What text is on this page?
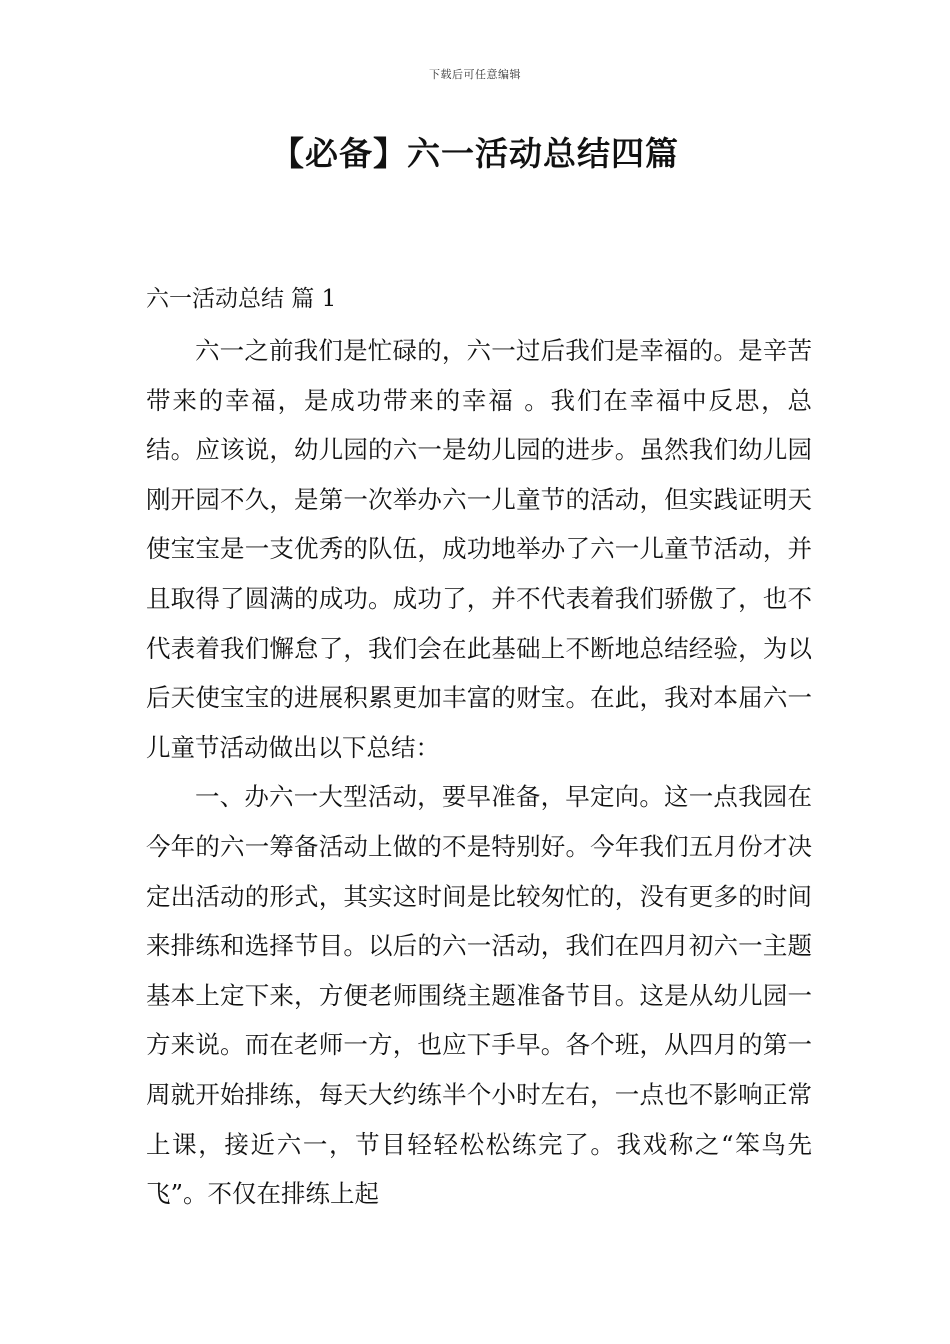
下载后可任意编辑
【必备】六一活动总结四篇
六一活动总结 篇 1

六一之前我们是忙碌的，六一过后我们是幸福的。是辛苦带来的幸福，是成功带来的幸福 。我们在幸福中反思，总结。应该说，幼儿园的六一是幼儿园的进步。虽然我们幼儿园刚开园不久，是第一次举办六一儿童节的活动，但实践证明天使宝宝是一支优秀的队伍，成功地举办了六一儿童节活动，并且取得了圆满的成功。成功了，并不代表着我们骄傲了，也不代表着我们懈怠了，我们会在此基础上不断地总结经验，为以后天使宝宝的进展积累更加丰富的财宝。在此，我对本届六一儿童节活动做出以下总结：

一、办六一大型活动，要早准备，早定向。这一点我园在今年的六一筹备活动上做的不是特别好。今年我们五月份才决定出活动的形式，其实这时间是比较匆忙的，没有更多的时间来排练和选择节目。以后的六一活动，我们在四月初六一主题基本上定下来，方便老师围绕主题准备节目。这是从幼儿园一方来说。而在老师一方，也应下手早。各个班，从四月的第一周就开始排练，每天大约练半个小时左右，一点也不影响正常上课，接近六一，节目轻轻松松练完了。我戏称之“笨鸟先飞”。不仅在排练上起
